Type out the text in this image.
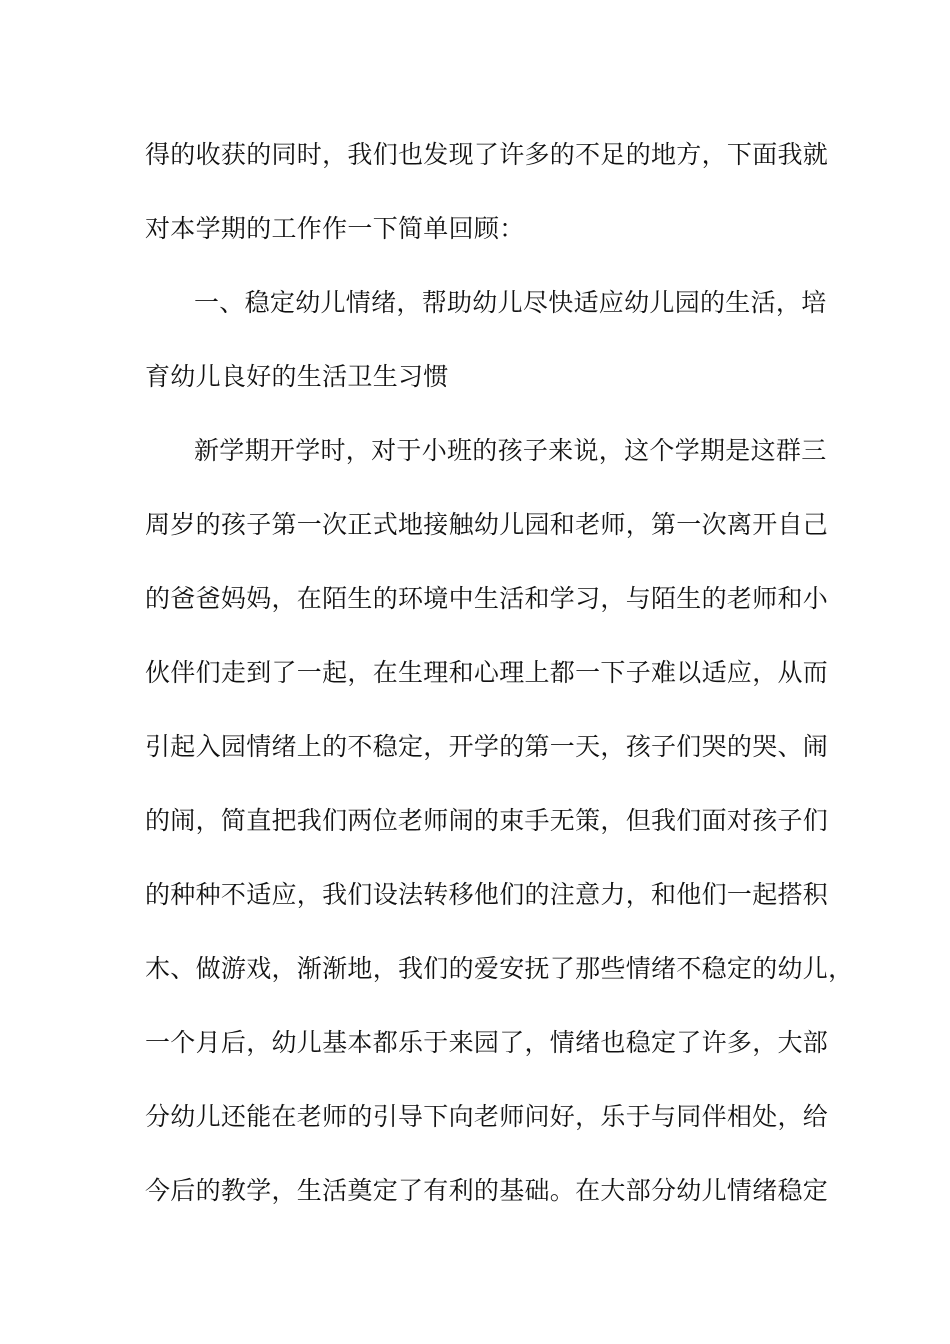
得的收获的同时，我们也发现了许多的不足的地方，下面我就
对本学期的工作作一下简单回顾：
一、稳定幼儿情绪，帮助幼儿尽快适应幼儿园的生活，培
育幼儿良好的生活卫生习惯
新学期开学时，对于小班的孩子来说，这个学期是这群三
周岁的孩子第一次正式地接触幼儿园和老师，第一次离开自己
的爸爸妈妈，在陌生的环境中生活和学习，与陌生的老师和小
伙伴们走到了一起，在生理和心理上都一下子难以适应，从而
引起入园情绪上的不稳定，开学的第一天，孩子们哭的哭、闹
的闹，简直把我们两位老师闹的束手无策，但我们面对孩子们
的种种不适应，我们设法转移他们的注意力，和他们一起搭积
木、做游戏，渐渐地，我们的爱安抚了那些情绪不稳定的幼儿，
一个月后，幼儿基本都乐于来园了，情绪也稳定了许多，大部
分幼儿还能在老师的引导下向老师问好，乐于与同伴相处，给
今后的教学，生活奠定了有利的基础。在大部分幼儿情绪稳定
